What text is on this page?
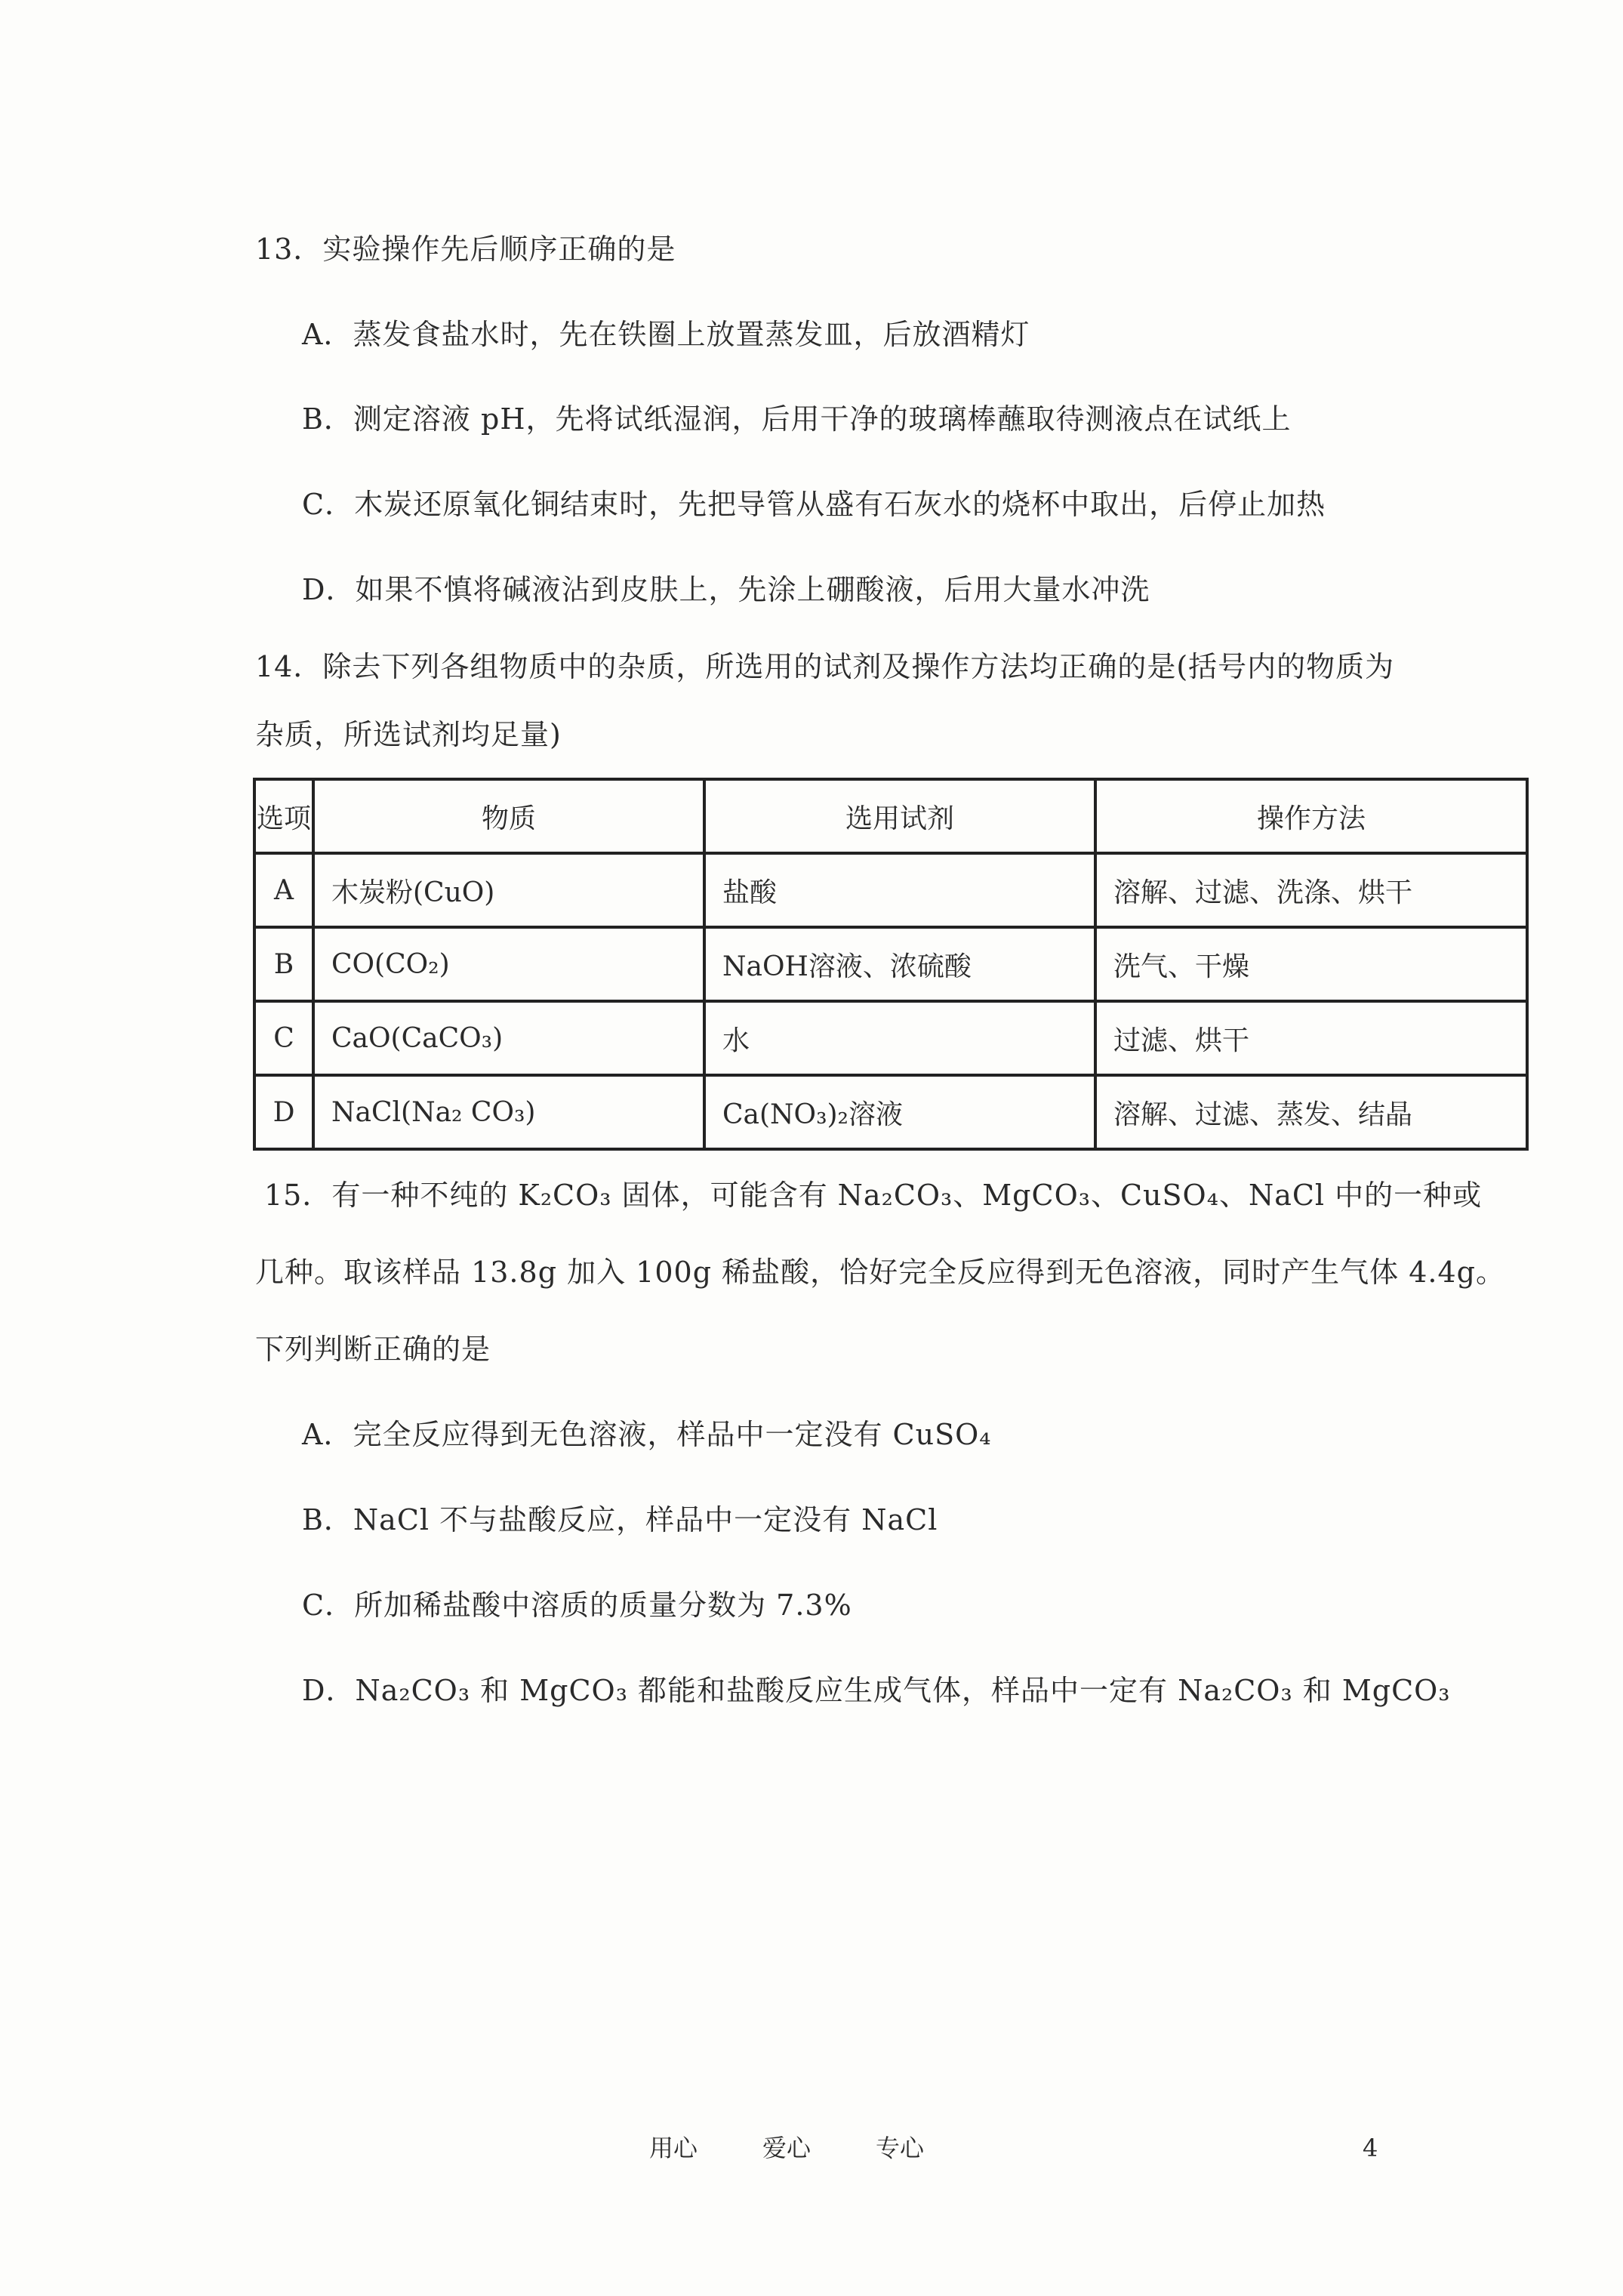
13．实验操作先后顺序正确的是
A．蒸发食盐水时，先在铁圈上放置蒸发皿，后放酒精灯
B．测定溶液 pH，先将试纸湿润，后用干净的玻璃棒蘸取待测液点在试纸上
C．木炭还原氧化铜结束时，先把导管从盛有石灰水的烧杯中取出，后停止加热
D．如果不慎将碱液沾到皮肤上，先涂上硼酸液，后用大量水冲洗
14．除去下列各组物质中的杂质，所选用的试剂及操作方法均正确的是(括号内的物质为
杂质，所选试剂均足量)
选项	物质	选用试剂	操作方法
A	木炭粉(CuO)	盐酸	溶解、过滤、洗涤、烘干
B	CO(CO₂)	NaOH溶液、浓硫酸	洗气、干燥
C	CaO(CaCO₃)	水	过滤、烘干
D	NaCl(Na₂ CO₃)	Ca(NO₃)₂溶液	溶解、过滤、蒸发、结晶
15．有一种不纯的 K₂CO₃ 固体，可能含有 Na₂CO₃、MgCO₃、CuSO₄、NaCl 中的一种或
几种。取该样品 13.8g 加入 100g 稀盐酸，恰好完全反应得到无色溶液，同时产生气体 4.4g。
下列判断正确的是
A．完全反应得到无色溶液，样品中一定没有 CuSO₄
B．NaCl 不与盐酸反应，样品中一定没有 NaCl
C．所加稀盐酸中溶质的质量分数为 7.3%
D．Na₂CO₃ 和 MgCO₃ 都能和盐酸反应生成气体，样品中一定有 Na₂CO₃ 和 MgCO₃
用心	爱心	专心	4
